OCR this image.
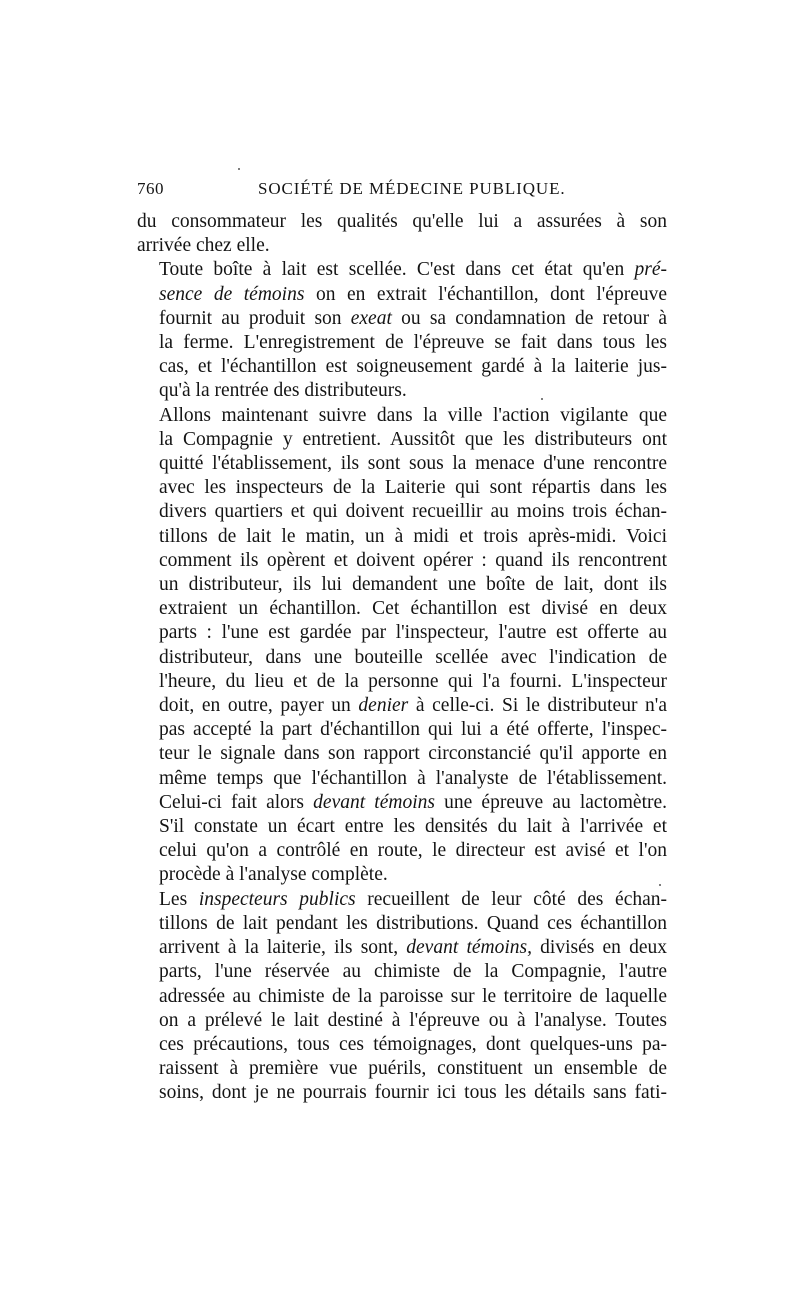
760	SOCIÉTÉ DE MÉDECINE PUBLIQUE.

du consommateur les qualités qu'elle lui a assurées à son
arrivée chez elle.

Toute boîte à lait est scellée. C'est dans cet état qu'en pré-
sence de témoins on en extrait l'échantillon, dont l'épreuve
fournit au produit son exeat ou sa condamnation de retour à
la ferme. L'enregistrement de l'épreuve se fait dans tous les
cas, et l'échantillon est soigneusement gardé à la laiterie jus-
qu'à la rentrée des distributeurs.

Allons maintenant suivre dans la ville l'action vigilante que
la Compagnie y entretient. Aussitôt que les distributeurs ont
quitté l'établissement, ils sont sous la menace d'une rencontre
avec les inspecteurs de la Laiterie qui sont répartis dans les
divers quartiers et qui doivent recueillir au moins trois échan-
tillons de lait le matin, un à midi et trois après-midi. Voici
comment ils opèrent et doivent opérer : quand ils rencontrent
un distributeur, ils lui demandent une boîte de lait, dont ils
extraient un échantillon. Cet échantillon est divisé en deux
parts : l'une est gardée par l'inspecteur, l'autre est offerte au
distributeur, dans une bouteille scellée avec l'indication de
l'heure, du lieu et de la personne qui l'a fourni. L'inspecteur
doit, en outre, payer un denier à celle-ci. Si le distributeur n'a
pas accepté la part d'échantillon qui lui a été offerte, l'inspec-
teur le signale dans son rapport circonstancié qu'il apporte en
même temps que l'échantillon à l'analyste de l'établissement.
Celui-ci fait alors devant témoins une épreuve au lactomètre.
S'il constate un écart entre les densités du lait à l'arrivée et
celui qu'on a contrôlé en route, le directeur est avisé et l'on
procède à l'analyse complète.

Les inspecteurs publics recueillent de leur côté des échan-
tillons de lait pendant les distributions. Quand ces échantillon
arrivent à la laiterie, ils sont, devant témoins, divisés en deux
parts, l'une réservée au chimiste de la Compagnie, l'autre
adressée au chimiste de la paroisse sur le territoire de laquelle
on a prélevé le lait destiné à l'épreuve ou à l'analyse. Toutes
ces précautions, tous ces témoignages, dont quelques-uns pa-
raissent à première vue puérils, constituent un ensemble de
soins, dont je ne pourrais fournir ici tous les détails sans fati-
